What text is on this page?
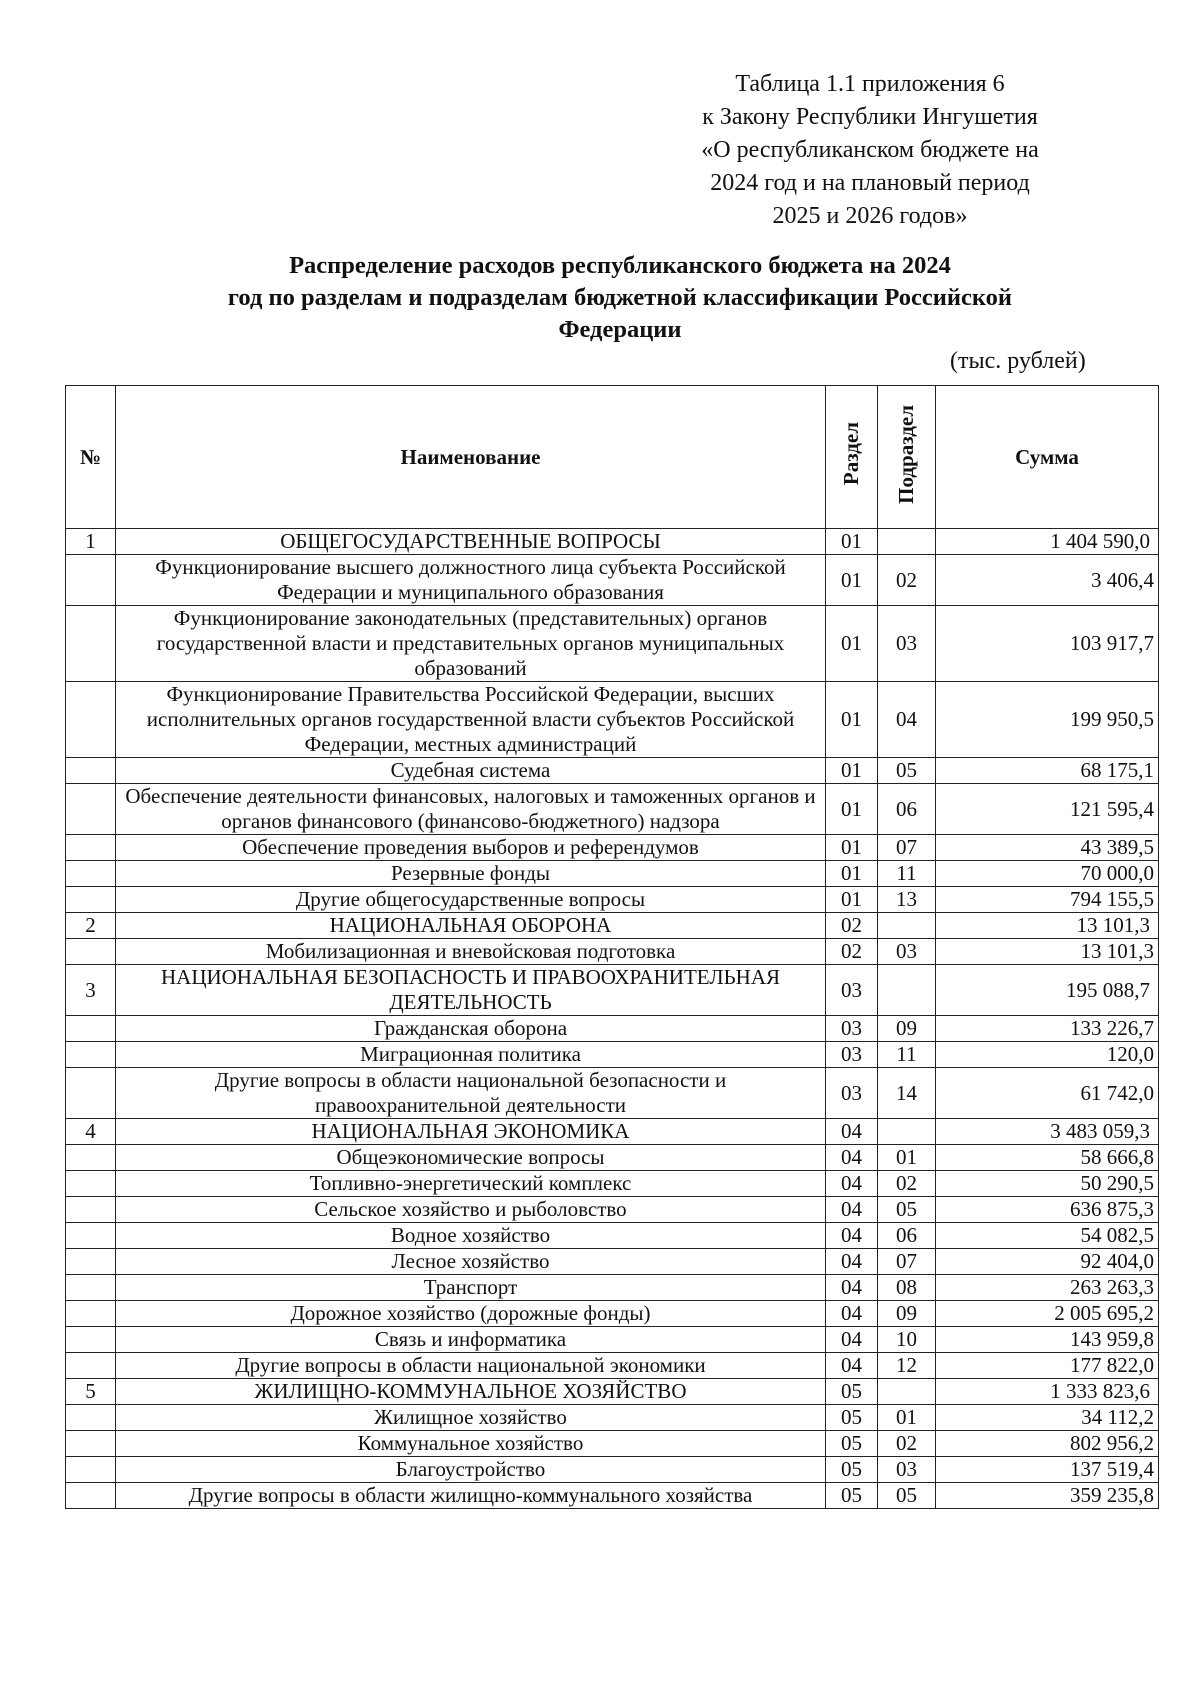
Таблица 1.1 приложения 6
к Закону Республики Ингушетия
«О республиканском бюджете на
2024 год и на плановый период
2025 и 2026 годов»
Распределение расходов республиканского бюджета на 2024
год по разделам и подразделам бюджетной классификации Российской
Федерации
(тыс. рублей)
№	Наименование	Раздел	Подраздел	Сумма
1	ОБЩЕГОСУДАРСТВЕННЫЕ ВОПРОСЫ	01		1 404 590,0
	Функционирование высшего должностного лица субъекта Российской Федерации и муниципального образования	01	02	3 406,4
	Функционирование законодательных (представительных) органов государственной власти и представительных органов муниципальных образований	01	03	103 917,7
	Функционирование Правительства Российской Федерации, высших исполнительных органов государственной власти субъектов Российской Федерации, местных администраций	01	04	199 950,5
	Судебная система	01	05	68 175,1
	Обеспечение деятельности финансовых, налоговых и таможенных органов и органов финансового (финансово-бюджетного) надзора	01	06	121 595,4
	Обеспечение проведения выборов и референдумов	01	07	43 389,5
	Резервные фонды	01	11	70 000,0
	Другие общегосударственные вопросы	01	13	794 155,5
2	НАЦИОНАЛЬНАЯ ОБОРОНА	02		13 101,3
	Мобилизационная и вневойсковая подготовка	02	03	13 101,3
3	НАЦИОНАЛЬНАЯ БЕЗОПАСНОСТЬ И ПРАВООХРАНИТЕЛЬНАЯ ДЕЯТЕЛЬНОСТЬ	03		195 088,7
	Гражданская оборона	03	09	133 226,7
	Миграционная политика	03	11	120,0
	Другие вопросы в области национальной безопасности и правоохранительной деятельности	03	14	61 742,0
4	НАЦИОНАЛЬНАЯ ЭКОНОМИКА	04		3 483 059,3
	Общеэкономические вопросы	04	01	58 666,8
	Топливно-энергетический комплекс	04	02	50 290,5
	Сельское хозяйство и рыболовство	04	05	636 875,3
	Водное хозяйство	04	06	54 082,5
	Лесное хозяйство	04	07	92 404,0
	Транспорт	04	08	263 263,3
	Дорожное хозяйство (дорожные фонды)	04	09	2 005 695,2
	Связь и информатика	04	10	143 959,8
	Другие вопросы в области национальной экономики	04	12	177 822,0
5	ЖИЛИЩНО-КОММУНАЛЬНОЕ ХОЗЯЙСТВО	05		1 333 823,6
	Жилищное хозяйство	05	01	34 112,2
	Коммунальное хозяйство	05	02	802 956,2
	Благоустройство	05	03	137 519,4
	Другие вопросы в области жилищно-коммунального хозяйства	05	05	359 235,8
